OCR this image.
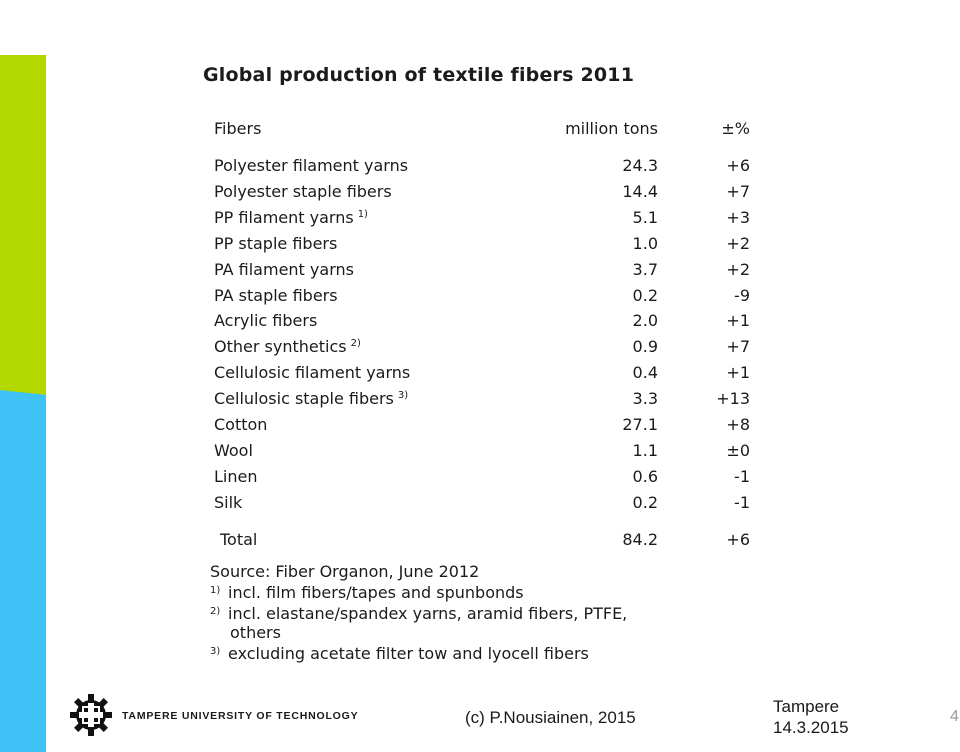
Global production of textile fibers 2011
Fibers	million tons	±%
Polyester filament yarns	24.3	+6
Polyester staple fibers	14.4	+7
PP filament yarns $^{1)}$	5.1	+3
PP staple fibers	1.0	+2
PA filament yarns	3.7	+2
PA staple fibers	0.2	-9
Acrylic fibers	2.0	+1
Other synthetics $^{2)}$	0.9	+7
Cellulosic filament yarns	0.4	+1
Cellulosic staple fibers $^{3)}$	3.3	+13
Cotton	27.1	+8
Wool	1.1	±0
Linen	0.6	-1
Silk	0.2	-1
Total	84.2	+6
Source: Fiber Organon, June 2012
1) incl. film fibers/tapes and spunbonds
2) incl. elastane/spandex yarns, aramid fibers, PTFE,
others
3) excluding acetate filter tow and lyocell fibers
TAMPERE UNIVERSITY OF TECHNOLOGY	(c) P.Nousiainen, 2015
Tampere
14.3.2015
4
